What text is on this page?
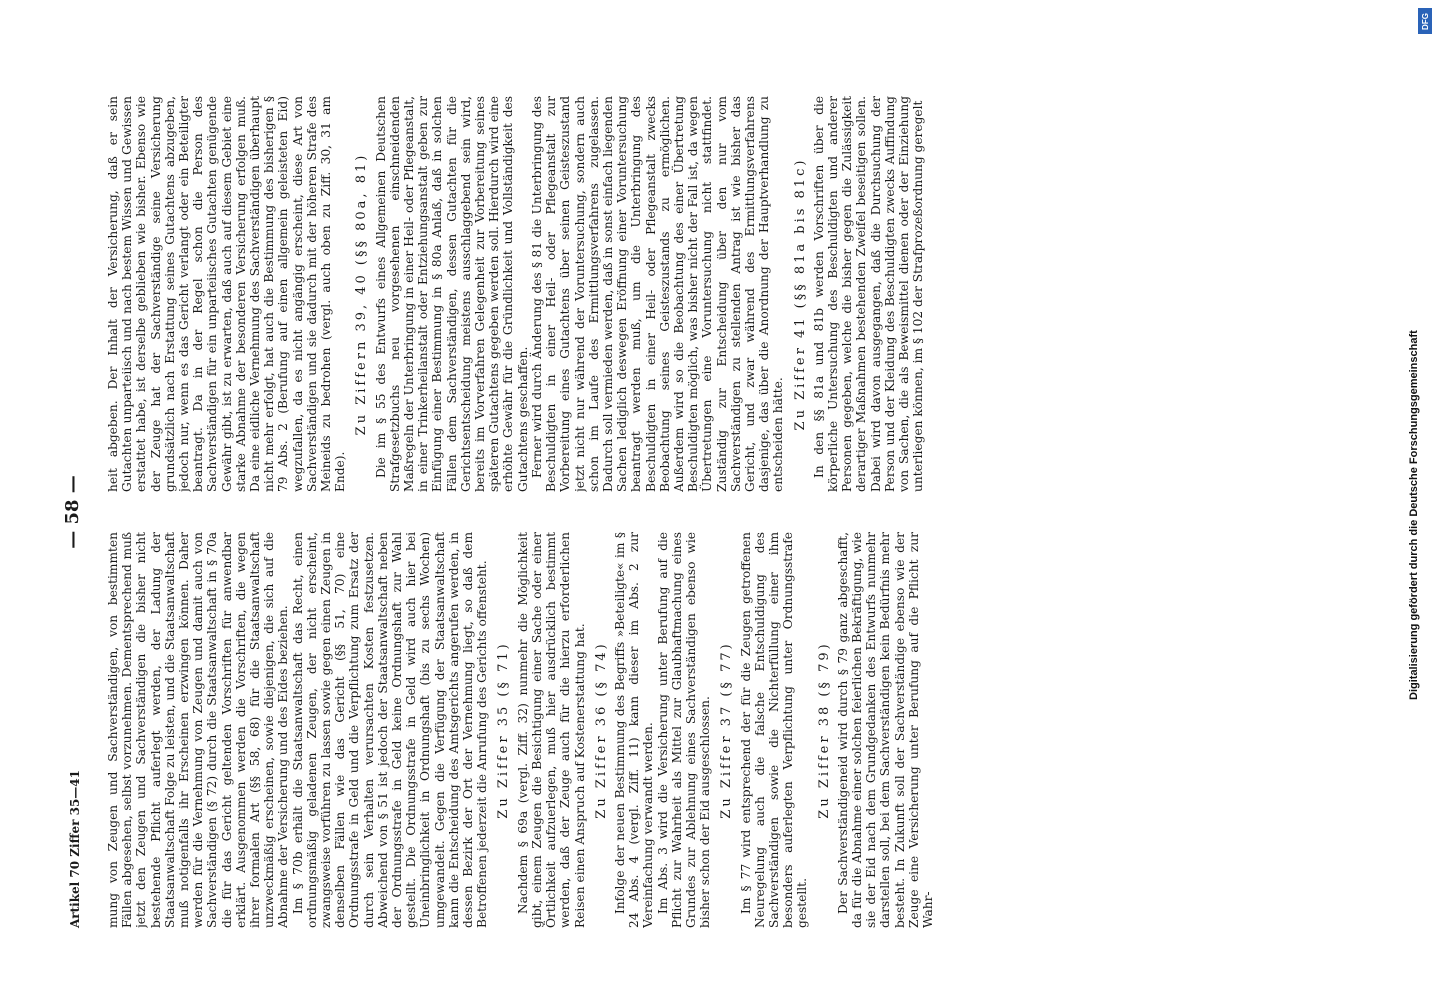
Artikel 70 Ziffer 35—41
— 58 —

mung von Zeugen und Sachverständigen, von bestimmten Fällen abgesehen, selbst vorzunehmen. Dementsprechend muß jetzt den Zeugen und Sachverständigen die bisher nicht bestehende Pflicht auferlegt werden, der Ladung der Staatsanwaltschaft Folge zu leisten, und die Staatsanwaltschaft muß notigenfalls ihr Erscheinen erzwingen können. Daher werden für die Vernehmung von Zeugen und damit auch von Sachverständigen (§ 72) durch die Staatsanwaltschaft in § 70a die für das Gericht geltenden Vorschriften für anwendbar erklärt. Ausgenommen werden die Vorschriften, die wegen ihrer formalen Art (§§ 58, 68) für die Staatsanwaltschaft unzweckmäßig erscheinen, sowie diejenigen, die sich auf die Abnahme der Versicherung und des Eides beziehen. Im § 70b erhält die Staatsanwaltschaft das Recht, einen ordnungsmäßig geladenen Zeugen, der nicht erscheint, zwangsweise vorführen zu lassen sowie gegen einen Zeugen in denselben Fällen wie das Gericht (§§ 51, 70) eine Ordnungsstrafe in Geld und die Verpflichtung zum Ersatz der durch sein Verhalten verursachten Kosten festzusetzen. Abweichend von § 51 ist jedoch der Staatsanwaltschaft neben der Ordnungsstrafe in Geld keine Ordnungshaft zur Wahl gestellt. Die Ordnungsstrafe in Geld wird auch hier bei Uneinbringlichkeit in Ordnungshaft (bis zu sechs Wochen) umgewandelt. Gegen die Verfügung der Staatsanwaltschaft kann die Entscheidung des Amtsgerichts angerufen werden, in dessen Bezirk der Ort der Vernehmung liegt, so daß dem Betroffenen jederzeit die Anrufung des Gerichts offensteht. Zu Ziffer 35 (§ 71) Nachdem § 69a (vergl. Ziff. 32) nunmehr die Möglichkeit gibt, einem Zeugen die Besichtigung einer Sache oder einer Örtlichkeit aufzuerlegen, muß hier ausdrücklich bestimmt werden, daß der Zeuge auch für die hierzu erforderlichen Reisen einen Anspruch auf Kostenerstattung hat. Zu Ziffer 36 (§ 74) Infolge der neuen Bestimmung des Begriffs »Beteiligte« im § 24 Abs. 4 (vergl. Ziff. 11) kann dieser im Abs. 2 zur Vereinfachung verwandt werden. Im Abs. 3 wird die Versicherung unter Berufung auf die Pflicht zur Wahrheit als Mittel zur Glaubhaftmachung eines Grundes zur Ablehnung eines Sachverständigen ebenso wie bisher schon der Eid ausgeschlossen. Zu Ziffer 37 (§ 77) Im § 77 wird entsprechend der für die Zeugen getroffenen Neuregelung auch die falsche Entschuldigung des Sachverständigen sowie die Nichterfüllung einer ihm besonders auferlegten Verpflichtung unter Ordnungsstrafe gestellt.

Zu Ziffer 38 (§ 79) Der Sachverständigeneid wird durch § 79 ganz abgeschafft, da für die Abnahme einer solchen feierlichen Bekräftigung, wie sie der Eid nach dem Grundgedanken des Entwurfs nunmehr darstellen soll, bei dem Sachverständigen kein Bedürfnis mehr besteht. In Zukunft soll der Sachverständige ebenso wie der Zeuge eine Versicherung unter Berufung auf die Pflicht zur Wahr-

heit abgeben. Der Inhalt der Versicherung, daß er sein Gutachten unparteiisch und nach bestem Wissen und Gewissen erstattet habe, ist derselbe geblieben wie bisher. Ebenso wie der Zeuge hat der Sachverständige seine Versicherung grundsätzlich nach Erstattung seines Gutachtens abzugeben, jedoch nur, wenn es das Gericht verlangt oder ein Beteiligter beantragt. Da in der Regel schon die Person des Sachverständigen für ein unparteiisches Gutachten genügende Gewähr gibt, ist zu erwarten, daß auch auf diesem Gebiet eine starke Abnahme der besonderen Versicherung erfolgen muß. Da eine eidliche Vernehmung des Sachverständigen überhaupt nicht mehr erfolgt, hat auch die Bestimmung des bisherigen § 79 Abs. 2 (Berufung auf einen allgemein geleisteten Eid) wegzufallen, da es nicht angängig erscheint, diese Art von Sachverständigen und sie dadurch mit der höheren Strafe des Meineids zu bedrohen (vergl. auch oben zu Ziff. 30, 31 am Ende).

Zu Ziffern 39, 40 (§§ 80a, 81) Die im § 55 des Entwurfs eines Allgemeinen Deutschen Strafgesetzbuchs neu vorgesehenen einschneidenden Maßregeln der Unterbringung in einer Heil- oder Pflegeanstalt, in einer Trinkerheilanstalt oder Entziehungsanstalt geben zur Einfügung einer Bestimmung in § 80a Anlaß, daß in solchen Fällen dem Sachverständigen, dessen Gutachten für die Gerichtsentscheidung meistens ausschlaggebend sein wird, bereits im Vorverfahren Gelegenheit zur Vorbereitung seines späteren Gutachtens gegeben werden soll. Hierdurch wird eine erhöhte Gewähr für die Gründlichkeit und Vollständigkeit des Gutachtens geschaffen. Ferner wird durch Änderung des § 81 die Unterbringung des Beschuldigten in einer Heil- oder Pflegeanstalt zur Vorbereitung eines Gutachtens über seinen Geisteszustand jetzt nicht nur während der Voruntersuchung, sondern auch schon im Laufe des Ermittlungsverfahrens zugelassen. Dadurch soll vermieden werden, daß in sonst einfach liegenden Sachen lediglich deswegen Eröffnung einer Voruntersuchung beantragt werden muß, um die Unterbringung des Beschuldigten in einer Heil- oder Pflegeanstalt zwecks Beobachtung seines Geisteszustands zu ermöglichen. Außerdem wird so die Beobachtung des einer Übertretung Beschuldigten möglich, was bisher nicht der Fall ist, da wegen Übertretungen eine Voruntersuchung nicht stattfindet. Zuständig zur Entscheidung über den nur vom Sachverständigen zu stellenden Antrag ist wie bisher das Gericht, und zwar während des Ermittlungsverfahrens dasjenige, das über die Anordnung der Hauptverhandlung zu entscheiden hätte.

Zu Ziffer 41 (§§ 81a bis 81c) In den §§ 81a und 81b werden Vorschriften über die körperliche Untersuchung des Beschuldigten und anderer Personen gegeben, welche die bisher gegen die Zulässigkeit derartiger Maßnahmen bestehenden Zweifel beseitigen sollen. Dabei wird davon ausgegangen, daß die Durchsuchung der Person und der Kleidung des Beschuldigten zwecks Auffindung von Sachen, die als Beweismittel dienen oder der Einziehung unterliegen können, im § 102 der Strafprozeßordnung geregelt

DFG
Digitalisierung gefördert durch die Deutsche Forschungsgemeinschaft
